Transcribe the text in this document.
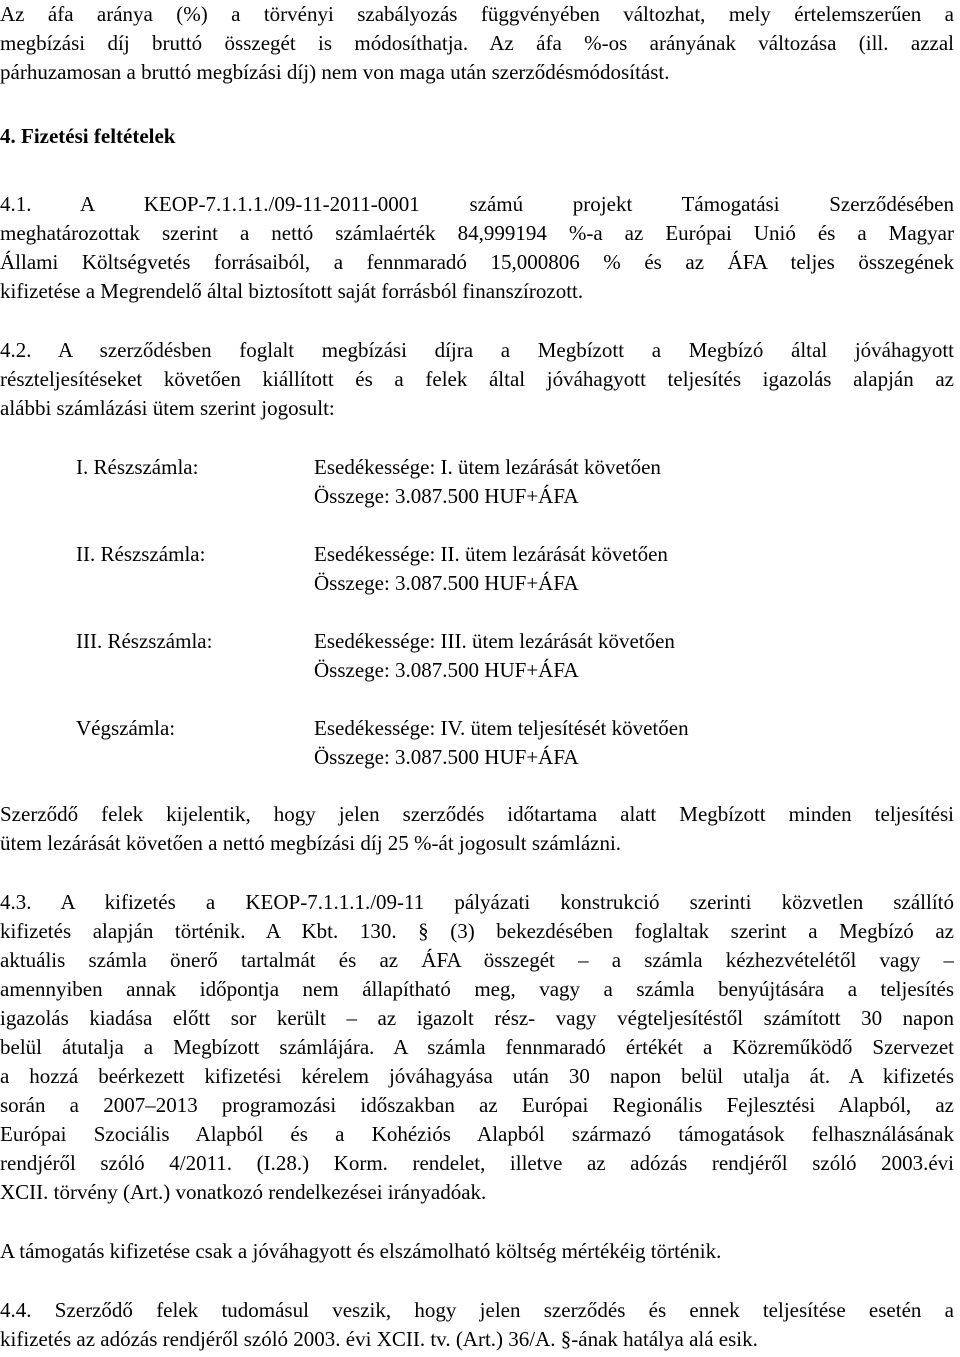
Az áfa aránya (%) a törvényi szabályozás függvényében változhat, mely értelemszerűen a
megbízási díj bruttó összegét is módosíthatja. Az áfa %-os arányának változása (ill. azzal
párhuzamosan a bruttó megbízási díj) nem von maga után szerződésmódosítást.
4. Fizetési feltételek
4.1. A KEOP-7.1.1.1./09-11-2011-0001 számú projekt Támogatási Szerződésében
meghatározottak szerint a nettó számlaérték 84,999194 %-a az Európai Unió és a Magyar
Állami Költségvetés forrásaiból, a fennmaradó 15,000806 % és az ÁFA teljes összegének
kifizetése a Megrendelő által biztosított saját forrásból finanszírozott.
4.2. A szerződésben foglalt megbízási díjra a Megbízott a Megbízó által jóváhagyott
részteljesítéseket követően kiállított és a felek által jóváhagyott teljesítés igazolás alapján az
alábbi számlázási ütem szerint jogosult:
I. Részszámla:	Esedékessége: I. ütem lezárását követően
Összege: 3.087.500 HUF+ÁFA
II. Részszámla:	Esedékessége: II. ütem lezárását követően
Összege: 3.087.500 HUF+ÁFA
III. Részszámla:	Esedékessége: III. ütem lezárását követően
Összege: 3.087.500 HUF+ÁFA
Végszámla:	Esedékessége: IV. ütem teljesítését követően
Összege: 3.087.500 HUF+ÁFA
Szerződő felek kijelentik, hogy jelen szerződés időtartama alatt Megbízott minden teljesítési
ütem lezárását követően a nettó megbízási díj 25 %-át jogosult számlázni.
4.3. A kifizetés a KEOP-7.1.1.1./09-11 pályázati konstrukció szerinti közvetlen szállító
kifizetés alapján történik. A Kbt. 130. § (3) bekezdésében foglaltak szerint a Megbízó az
aktuális számla önerő tartalmát és az ÁFA összegét – a számla kézhezvételétől vagy –
amennyiben annak időpontja nem állapítható meg, vagy a számla benyújtására a teljesítés
igazolás kiadása előtt sor került – az igazolt rész- vagy végteljesítéstől számított 30 napon
belül átutalja a Megbízott számlájára. A számla fennmaradó értékét a Közreműködő Szervezet
a hozzá beérkezett kifizetési kérelem jóváhagyása után 30 napon belül utalja át. A kifizetés
során a 2007–2013 programozási időszakban az Európai Regionális Fejlesztési Alapból, az
Európai Szociális Alapból és a Kohéziós Alapból származó támogatások felhasználásának
rendjéről szóló 4/2011. (I.28.) Korm. rendelet, illetve az adózás rendjéről szóló 2003.évi
XCII. törvény (Art.) vonatkozó rendelkezései irányadóak.
A támogatás kifizetése csak a jóváhagyott és elszámolható költség mértékéig történik.
4.4. Szerződő felek tudomásul veszik, hogy jelen szerződés és ennek teljesítése esetén a
kifizetés az adózás rendjéről szóló 2003. évi XCII. tv. (Art.) 36/A. §-ának hatálya alá esik.
